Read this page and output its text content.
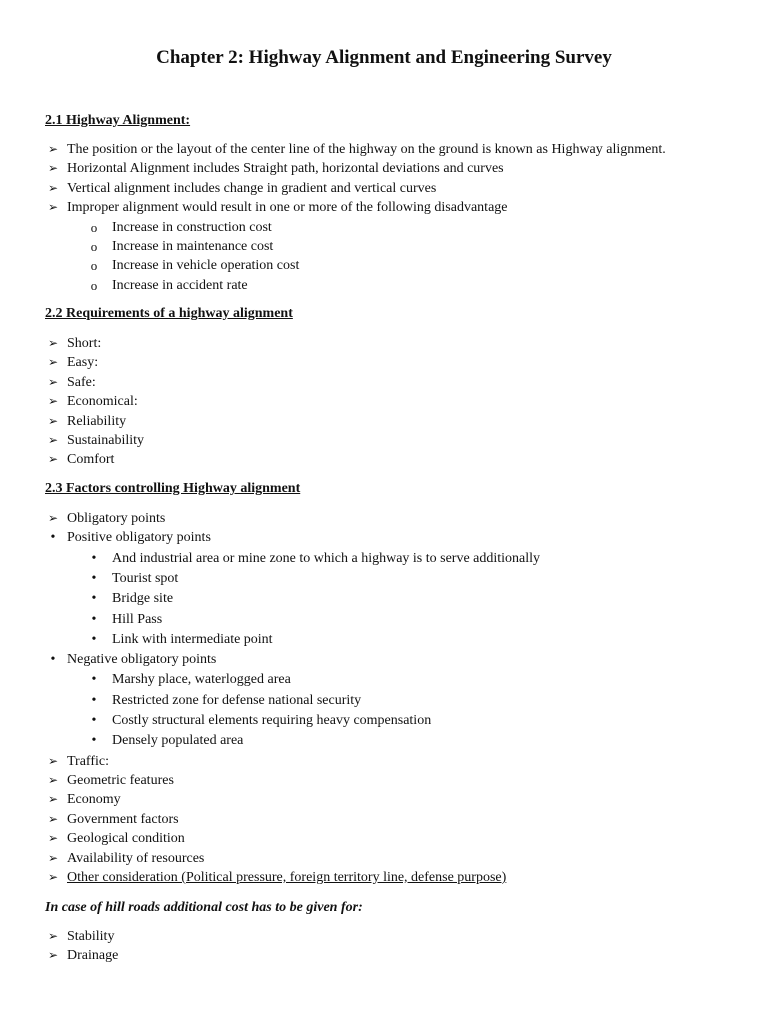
Chapter 2: Highway Alignment and Engineering Survey

2.1 Highway Alignment:

➢ The position or the layout of the center line of the highway on the ground is known as Highway alignment.
➢ Horizontal Alignment includes Straight path, horizontal deviations and curves
➢ Vertical alignment includes change in gradient and vertical curves
➢ Improper alignment would result in one or more of the following disadvantage
o	Increase in construction cost
o	Increase in maintenance cost
o	Increase in vehicle operation cost
o	Increase in accident rate

2.2 Requirements of a highway alignment

➢ Short:
➢ Easy:
➢ Safe:
➢ Economical:
➢ Reliability
➢ Sustainability
➢ Comfort

2.3 Factors controlling Highway alignment

➢ Obligatory points
• Positive obligatory points
•	And industrial area or mine zone to which a highway is to serve additionally
•	Tourist spot
•	Bridge site
•	Hill Pass
•	Link with intermediate point
• Negative obligatory points
•	Marshy place, waterlogged area
•	Restricted zone for defense national security
•	Costly structural elements requiring heavy compensation
•	Densely populated area
➢ Traffic:
➢ Geometric features
➢ Economy
➢ Government factors
➢ Geological condition
➢ Availability of resources
➢ Other consideration (Political pressure, foreign territory line, defense purpose)

In case of hill roads additional cost has to be given for:

➢ Stability
➢ Drainage
